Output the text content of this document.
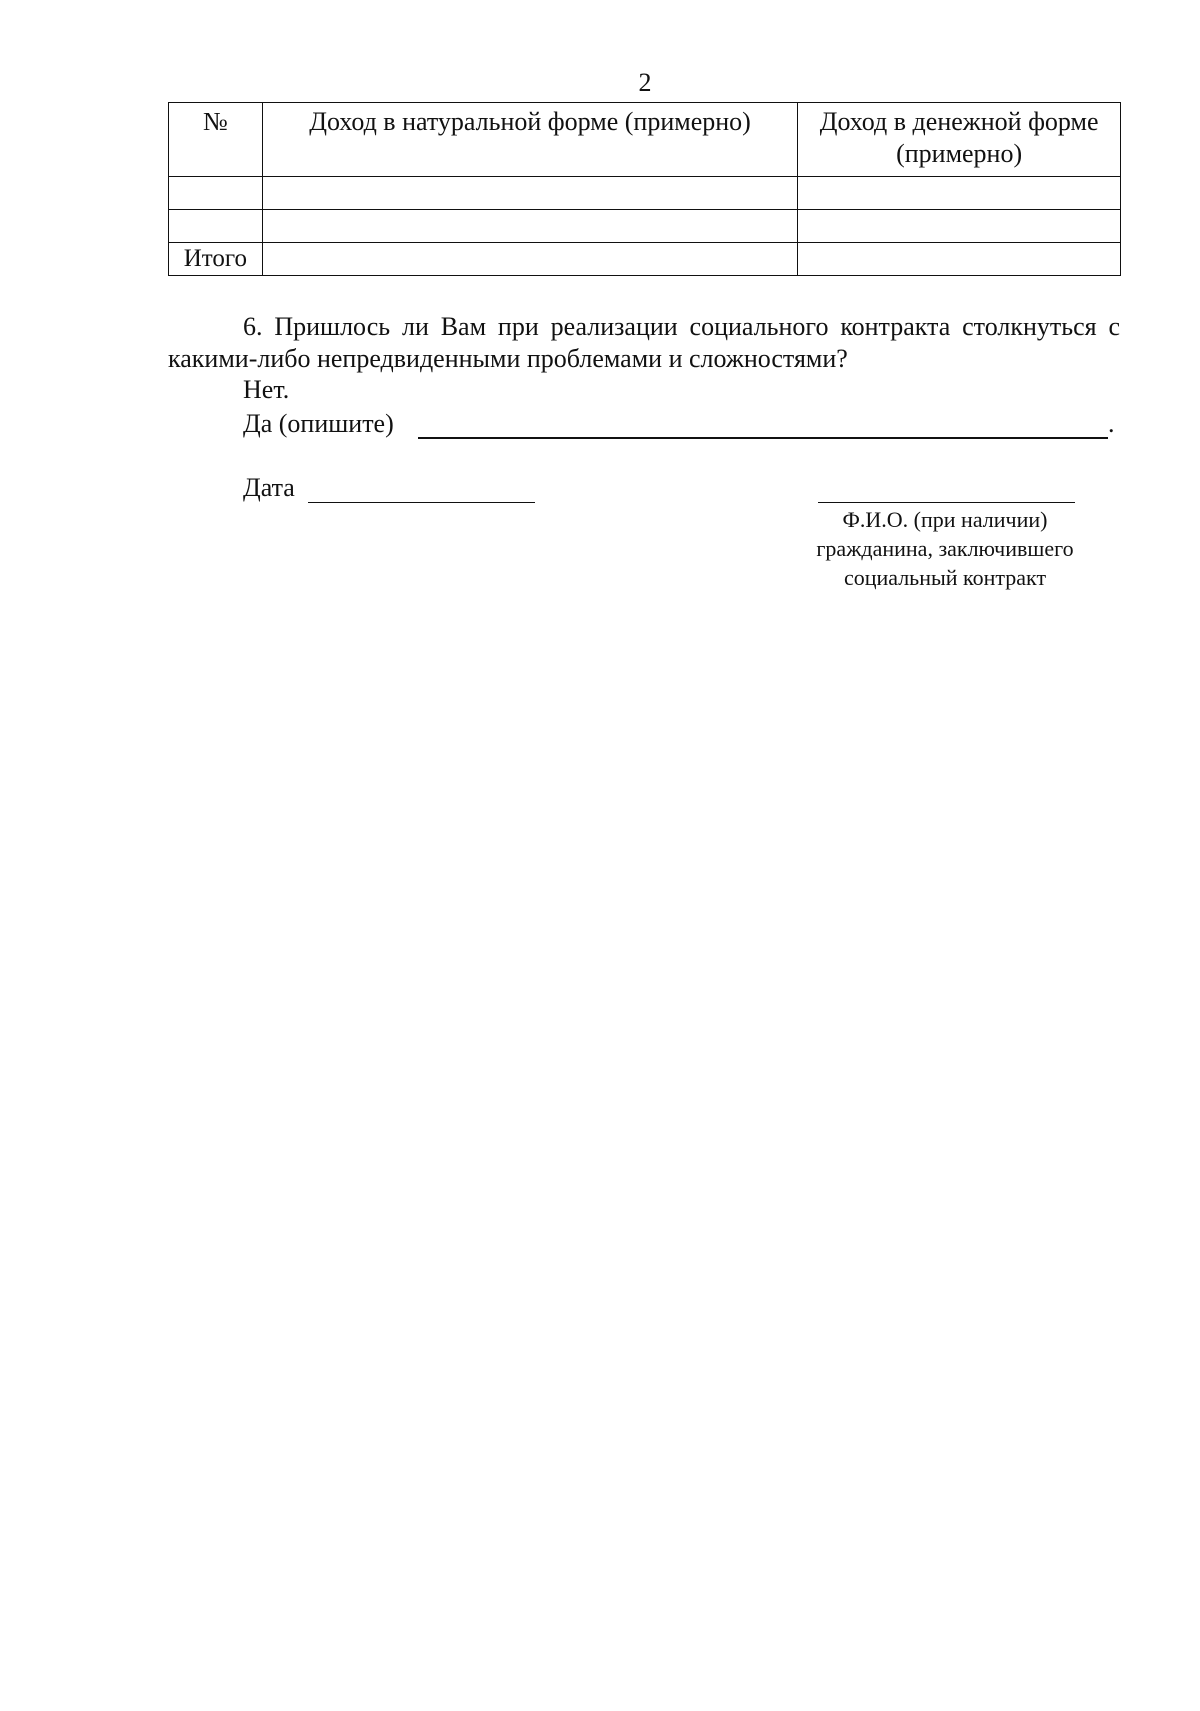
2
№	Доход в натуральной форме (примерно)	Доход в денежной форме (примерно)

Итого		

6. Пришлось ли Вам при реализации социального контракта столкнуться с какими-либо непредвиденными проблемами и сложностями?

Нет.
Да (опишите)	.
Дата
Ф.И.О. (при наличии)
гражданина, заключившего
социальный контракт
